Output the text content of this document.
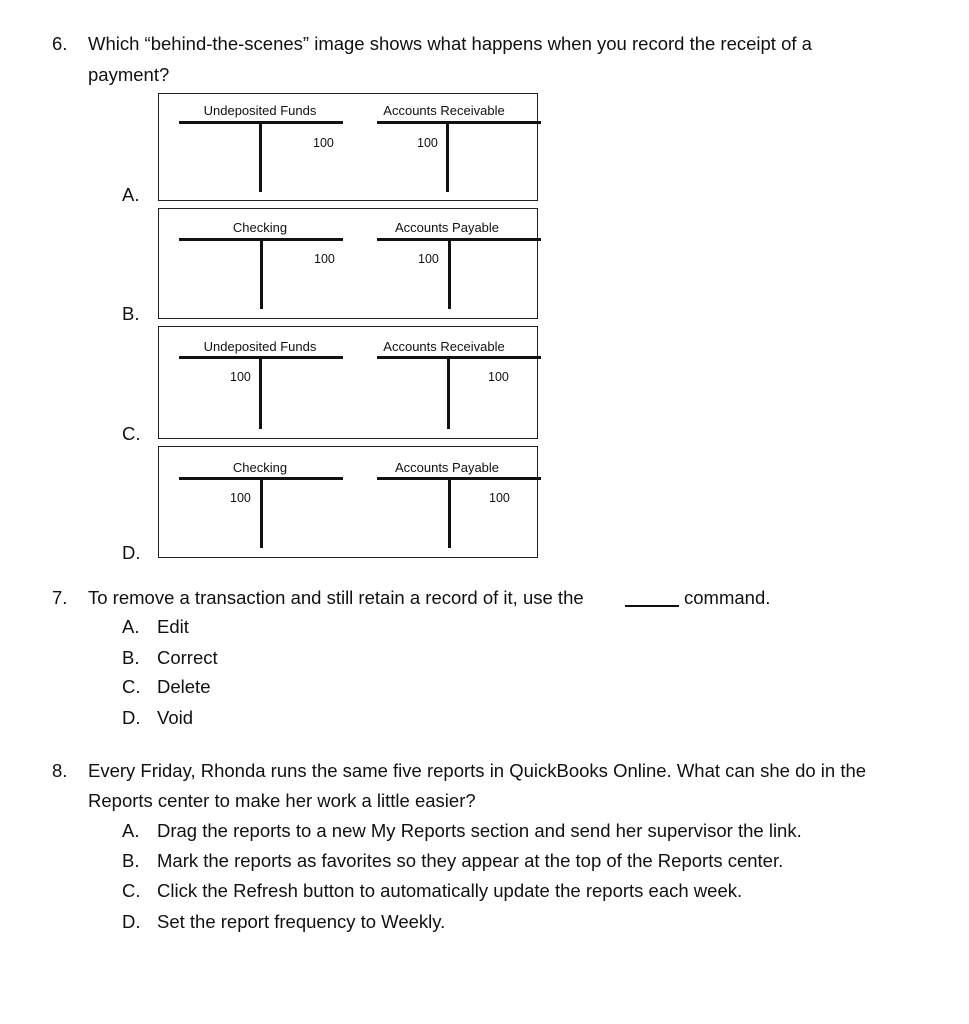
6. Which “behind-the-scenes” image shows what happens when you record the receipt of a
payment?
A.
Undeposited Funds
100
Accounts Receivable
100
B.
Checking
100
Accounts Payable
100
C.
Undeposited Funds
100
Accounts Receivable
100
D.
Checking
100
Accounts Payable
100
7. To remove a transaction and still retain a record of it, use the	command.
A. Edit
B. Correct
C. Delete
D. Void
8. Every Friday, Rhonda runs the same five reports in QuickBooks Online. What can she do in the
Reports center to make her work a little easier?
A. Drag the reports to a new My Reports section and send her supervisor the link.
B. Mark the reports as favorites so they appear at the top of the Reports center.
C. Click the Refresh button to automatically update the reports each week.
D. Set the report frequency to Weekly.
